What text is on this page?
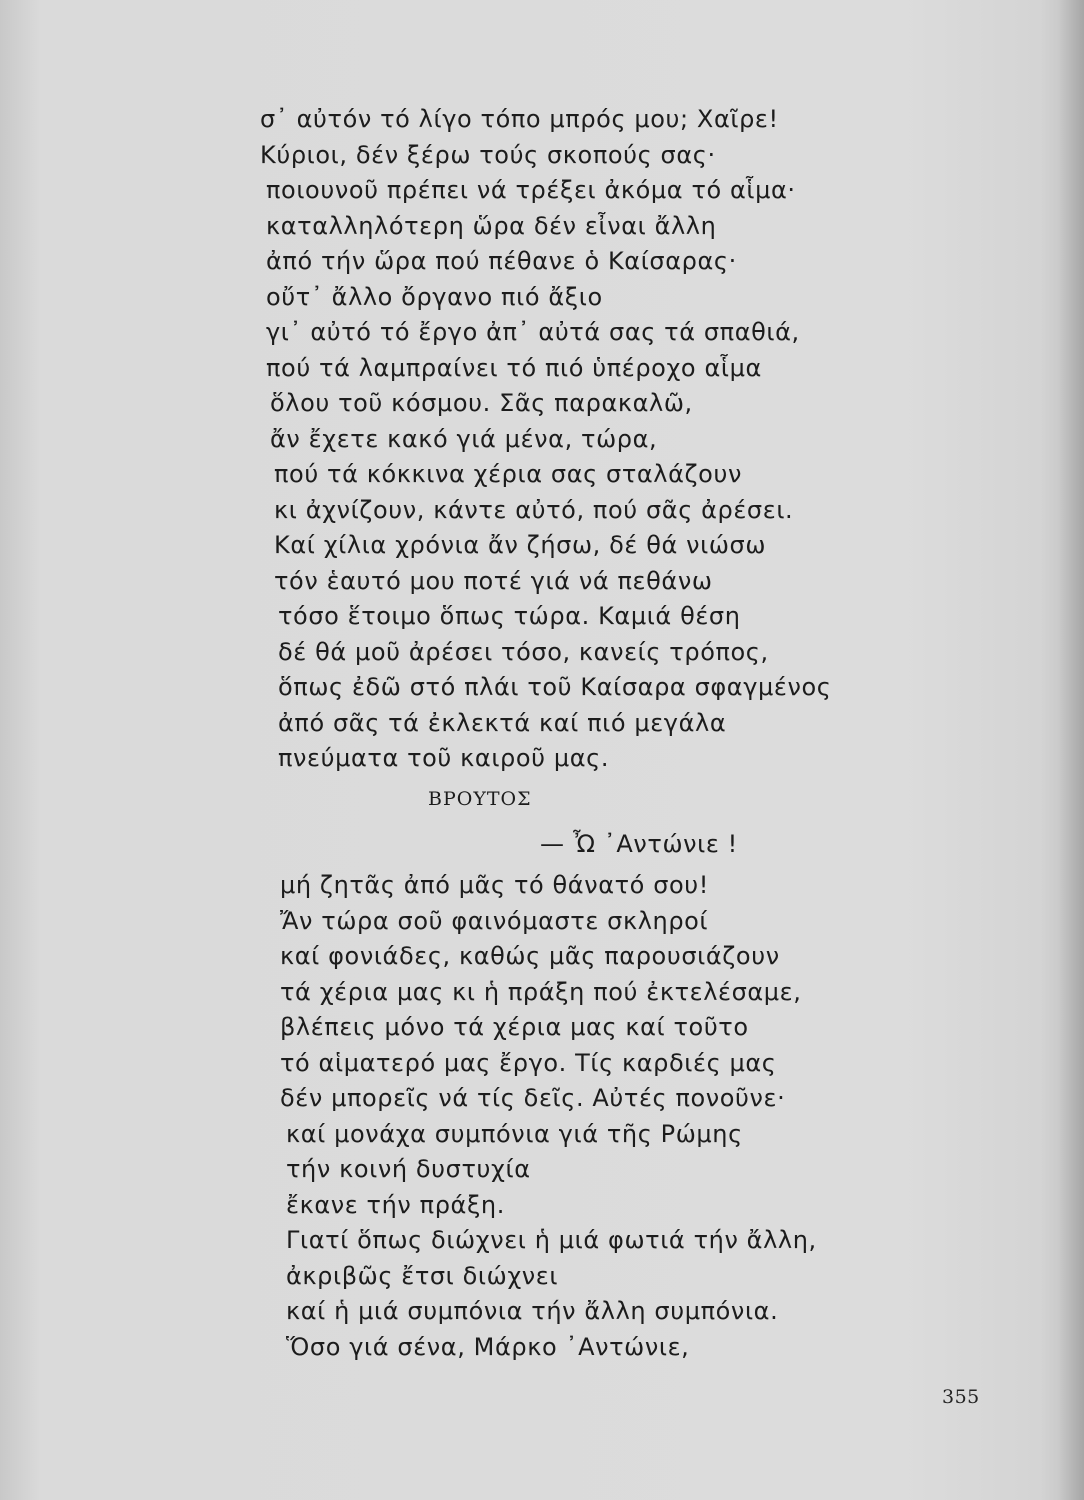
σ᾿ αὐτόν τό λίγο τόπο μπρός μου; Χαῖρε!
Κύριοι, δέν ξέρω τούς σκοπούς σας·
ποιουνοῦ πρέπει νά τρέξει ἀκόμα τό αἷμα·
καταλληλότερη ὥρα δέν εἶναι ἄλλη
ἀπό τήν ὥρα πού πέθανε ὁ Καίσαρας·
οὔτ᾿ ἄλλο ὄργανο πιό ἄξιο
γι᾿ αὐτό τό ἔργο ἀπ᾿ αὐτά σας τά σπαθιά,
πού τά λαμπραίνει τό πιό ὑπέροχο αἷμα
ὅλου τοῦ κόσμου. Σᾶς παρακαλῶ,
ἄν ἔχετε κακό γιά μένα, τώρα,
πού τά κόκκινα χέρια σας σταλάζουν
κι ἀχνίζουν, κάντε αὐτό, πού σᾶς ἀρέσει.
Καί χίλια χρόνια ἄν ζήσω, δέ θά νιώσω
τόν ἑαυτό μου ποτέ γιά νά πεθάνω
τόσο ἕτοιμο ὅπως τώρα. Καμιά θέση
δέ θά μοῦ ἀρέσει τόσο, κανείς τρόπος,
ὅπως ἐδῶ στό πλάι τοῦ Καίσαρα σφαγμένος
ἀπό σᾶς τά ἐκλεκτά καί πιό μεγάλα
πνεύματα τοῦ καιροῦ μας.
ΒΡΟΥΤΟΣ
— Ὦ ᾿Αντώνιε !
μή ζητᾶς ἀπό μᾶς τό θάνατό σου!
Ἄν τώρα σοῦ φαινόμαστε σκληροί
καί φονιάδες, καθώς μᾶς παρουσιάζουν
τά χέρια μας κι ἡ πράξη πού ἐκτελέσαμε,
βλέπεις μόνο τά χέρια μας καί τοῦτο
τό αἱματερό μας ἔργο. Τίς καρδιές μας
δέν μπορεῖς νά τίς δεῖς. Αὐτές πονοῦνε·
καί μονάχα συμπόνια γιά τῆς Ρώμης
τήν κοινή δυστυχία
ἔκανε τήν πράξη.
Γιατί ὅπως διώχνει ἡ μιά φωτιά τήν ἄλλη,
ἀκριβῶς ἔτσι διώχνει
καί ἡ μιά συμπόνια τήν ἄλλη συμπόνια.
Ὅσο γιά σένα, Μάρκο ᾿Αντώνιε,
355
